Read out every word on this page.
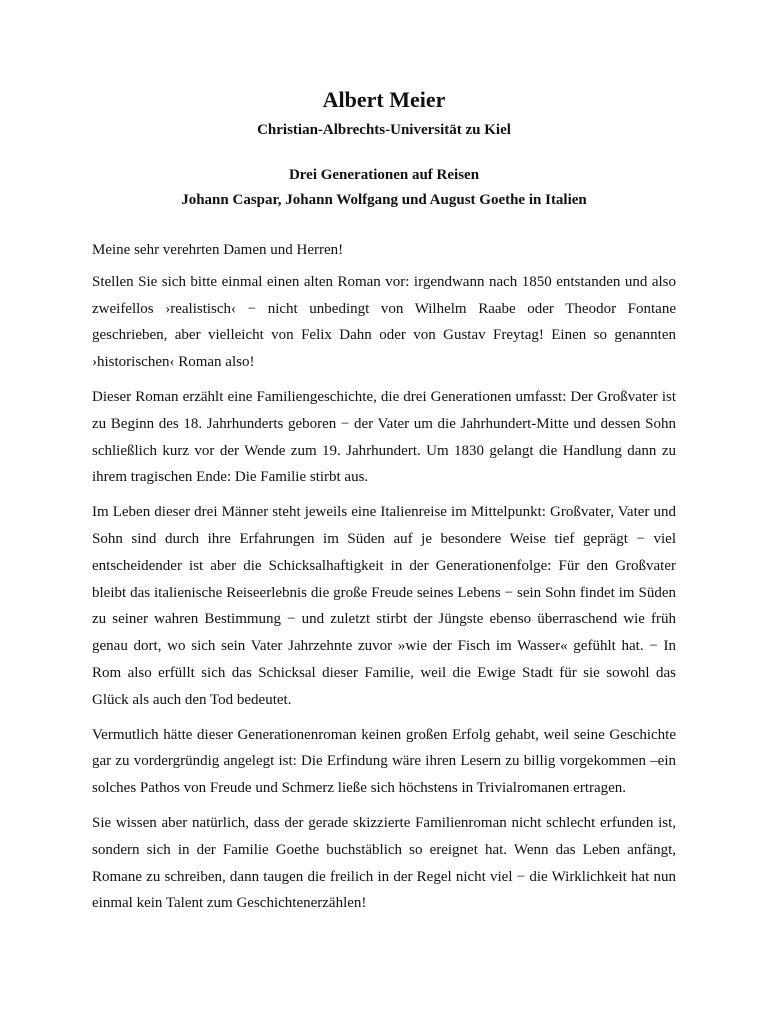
Albert Meier
Christian-Albrechts-Universität zu Kiel
Drei Generationen auf Reisen
Johann Caspar, Johann Wolfgang und August Goethe in Italien

Meine sehr verehrten Damen und Herren!

Stellen Sie sich bitte einmal einen alten Roman vor: irgendwann nach 1850 entstanden und also zweifellos ›realistisch‹ − nicht unbedingt von Wilhelm Raabe oder Theodor Fontane geschrieben, aber vielleicht von Felix Dahn oder von Gustav Freytag! Einen so genannten ›historischen‹ Roman also!

Dieser Roman erzählt eine Familiengeschichte, die drei Generationen umfasst: Der Großvater ist zu Beginn des 18. Jahrhunderts geboren − der Vater um die Jahrhundert-Mitte und dessen Sohn schließlich kurz vor der Wende zum 19. Jahrhundert. Um 1830 gelangt die Handlung dann zu ihrem tragischen Ende: Die Familie stirbt aus.

Im Leben dieser drei Männer steht jeweils eine Italienreise im Mittelpunkt: Großvater, Vater und Sohn sind durch ihre Erfahrungen im Süden auf je besondere Weise tief geprägt − viel entscheidender ist aber die Schicksalhaftigkeit in der Generationenfolge: Für den Großvater bleibt das italienische Reiseerlebnis die große Freude seines Lebens − sein Sohn findet im Süden zu seiner wahren Bestimmung − und zuletzt stirbt der Jüngste ebenso überraschend wie früh genau dort, wo sich sein Vater Jahrzehnte zuvor »wie der Fisch im Wasser« gefühlt hat. − In Rom also erfüllt sich das Schicksal dieser Familie, weil die Ewige Stadt für sie sowohl das Glück als auch den Tod bedeutet.

Vermutlich hätte dieser Generationenroman keinen großen Erfolg gehabt, weil seine Geschichte gar zu vordergründig angelegt ist: Die Erfindung wäre ihren Lesern zu billig vorgekommen –ein solches Pathos von Freude und Schmerz ließe sich höchstens in Trivialromanen ertragen.

Sie wissen aber natürlich, dass der gerade skizzierte Familienroman nicht schlecht erfunden ist, sondern sich in der Familie Goethe buchstäblich so ereignet hat. Wenn das Leben anfängt, Romane zu schreiben, dann taugen die freilich in der Regel nicht viel − die Wirklichkeit hat nun einmal kein Talent zum Geschichtenerzählen!
